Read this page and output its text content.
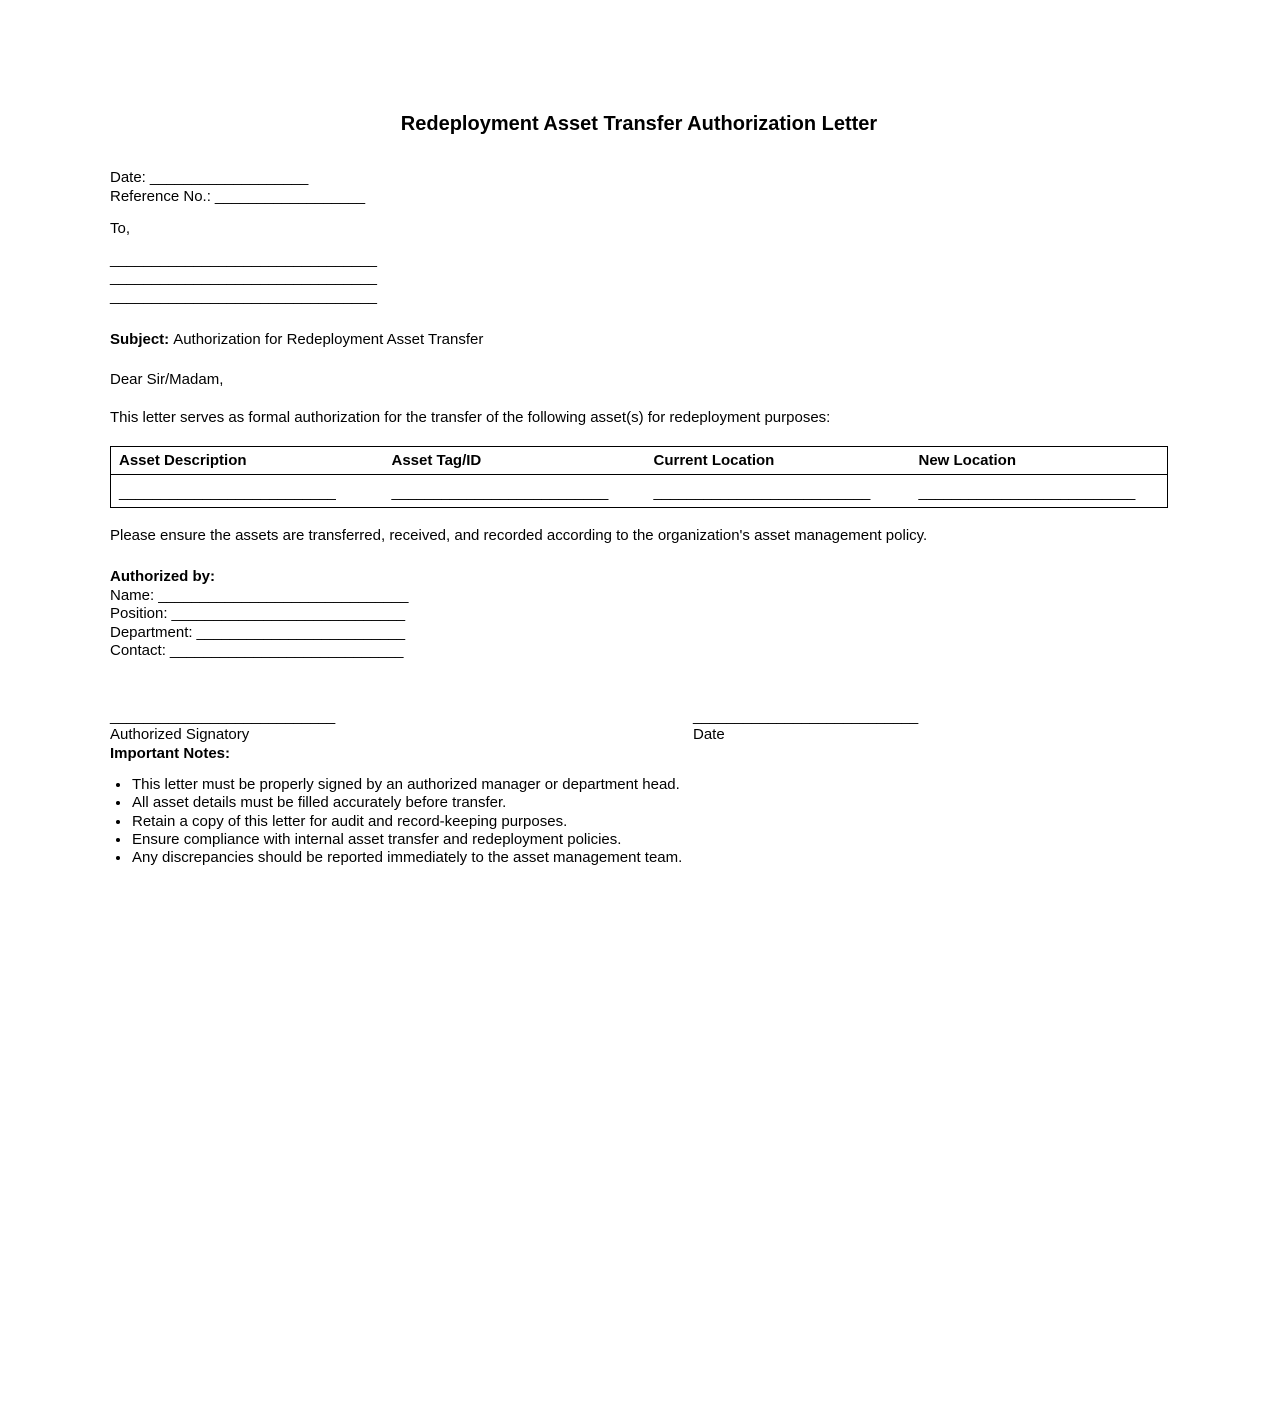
Redeployment Asset Transfer Authorization Letter

Date: ___________________

Reference No.: __________________

To,

________________________________

________________________________

________________________________

Subject: Authorization for Redeployment Asset Transfer

Dear Sir/Madam,

This letter serves as formal authorization for the transfer of the following asset(s) for redeployment purposes:

Asset Description	Asset Tag/ID	Current Location	New Location
__________________________	__________________________	__________________________	__________________________

Please ensure the assets are transferred, received, and recorded according to the organization's asset management policy.

Authorized by:

Name: ______________________________

Position: ____________________________

Department: _________________________

Contact: ____________________________

___________________________

Authorized Signatory

___________________________

Date

Important Notes:

• This letter must be properly signed by an authorized manager or department head.
• All asset details must be filled accurately before transfer.
• Retain a copy of this letter for audit and record-keeping purposes.
• Ensure compliance with internal asset transfer and redeployment policies.
• Any discrepancies should be reported immediately to the asset management team.
